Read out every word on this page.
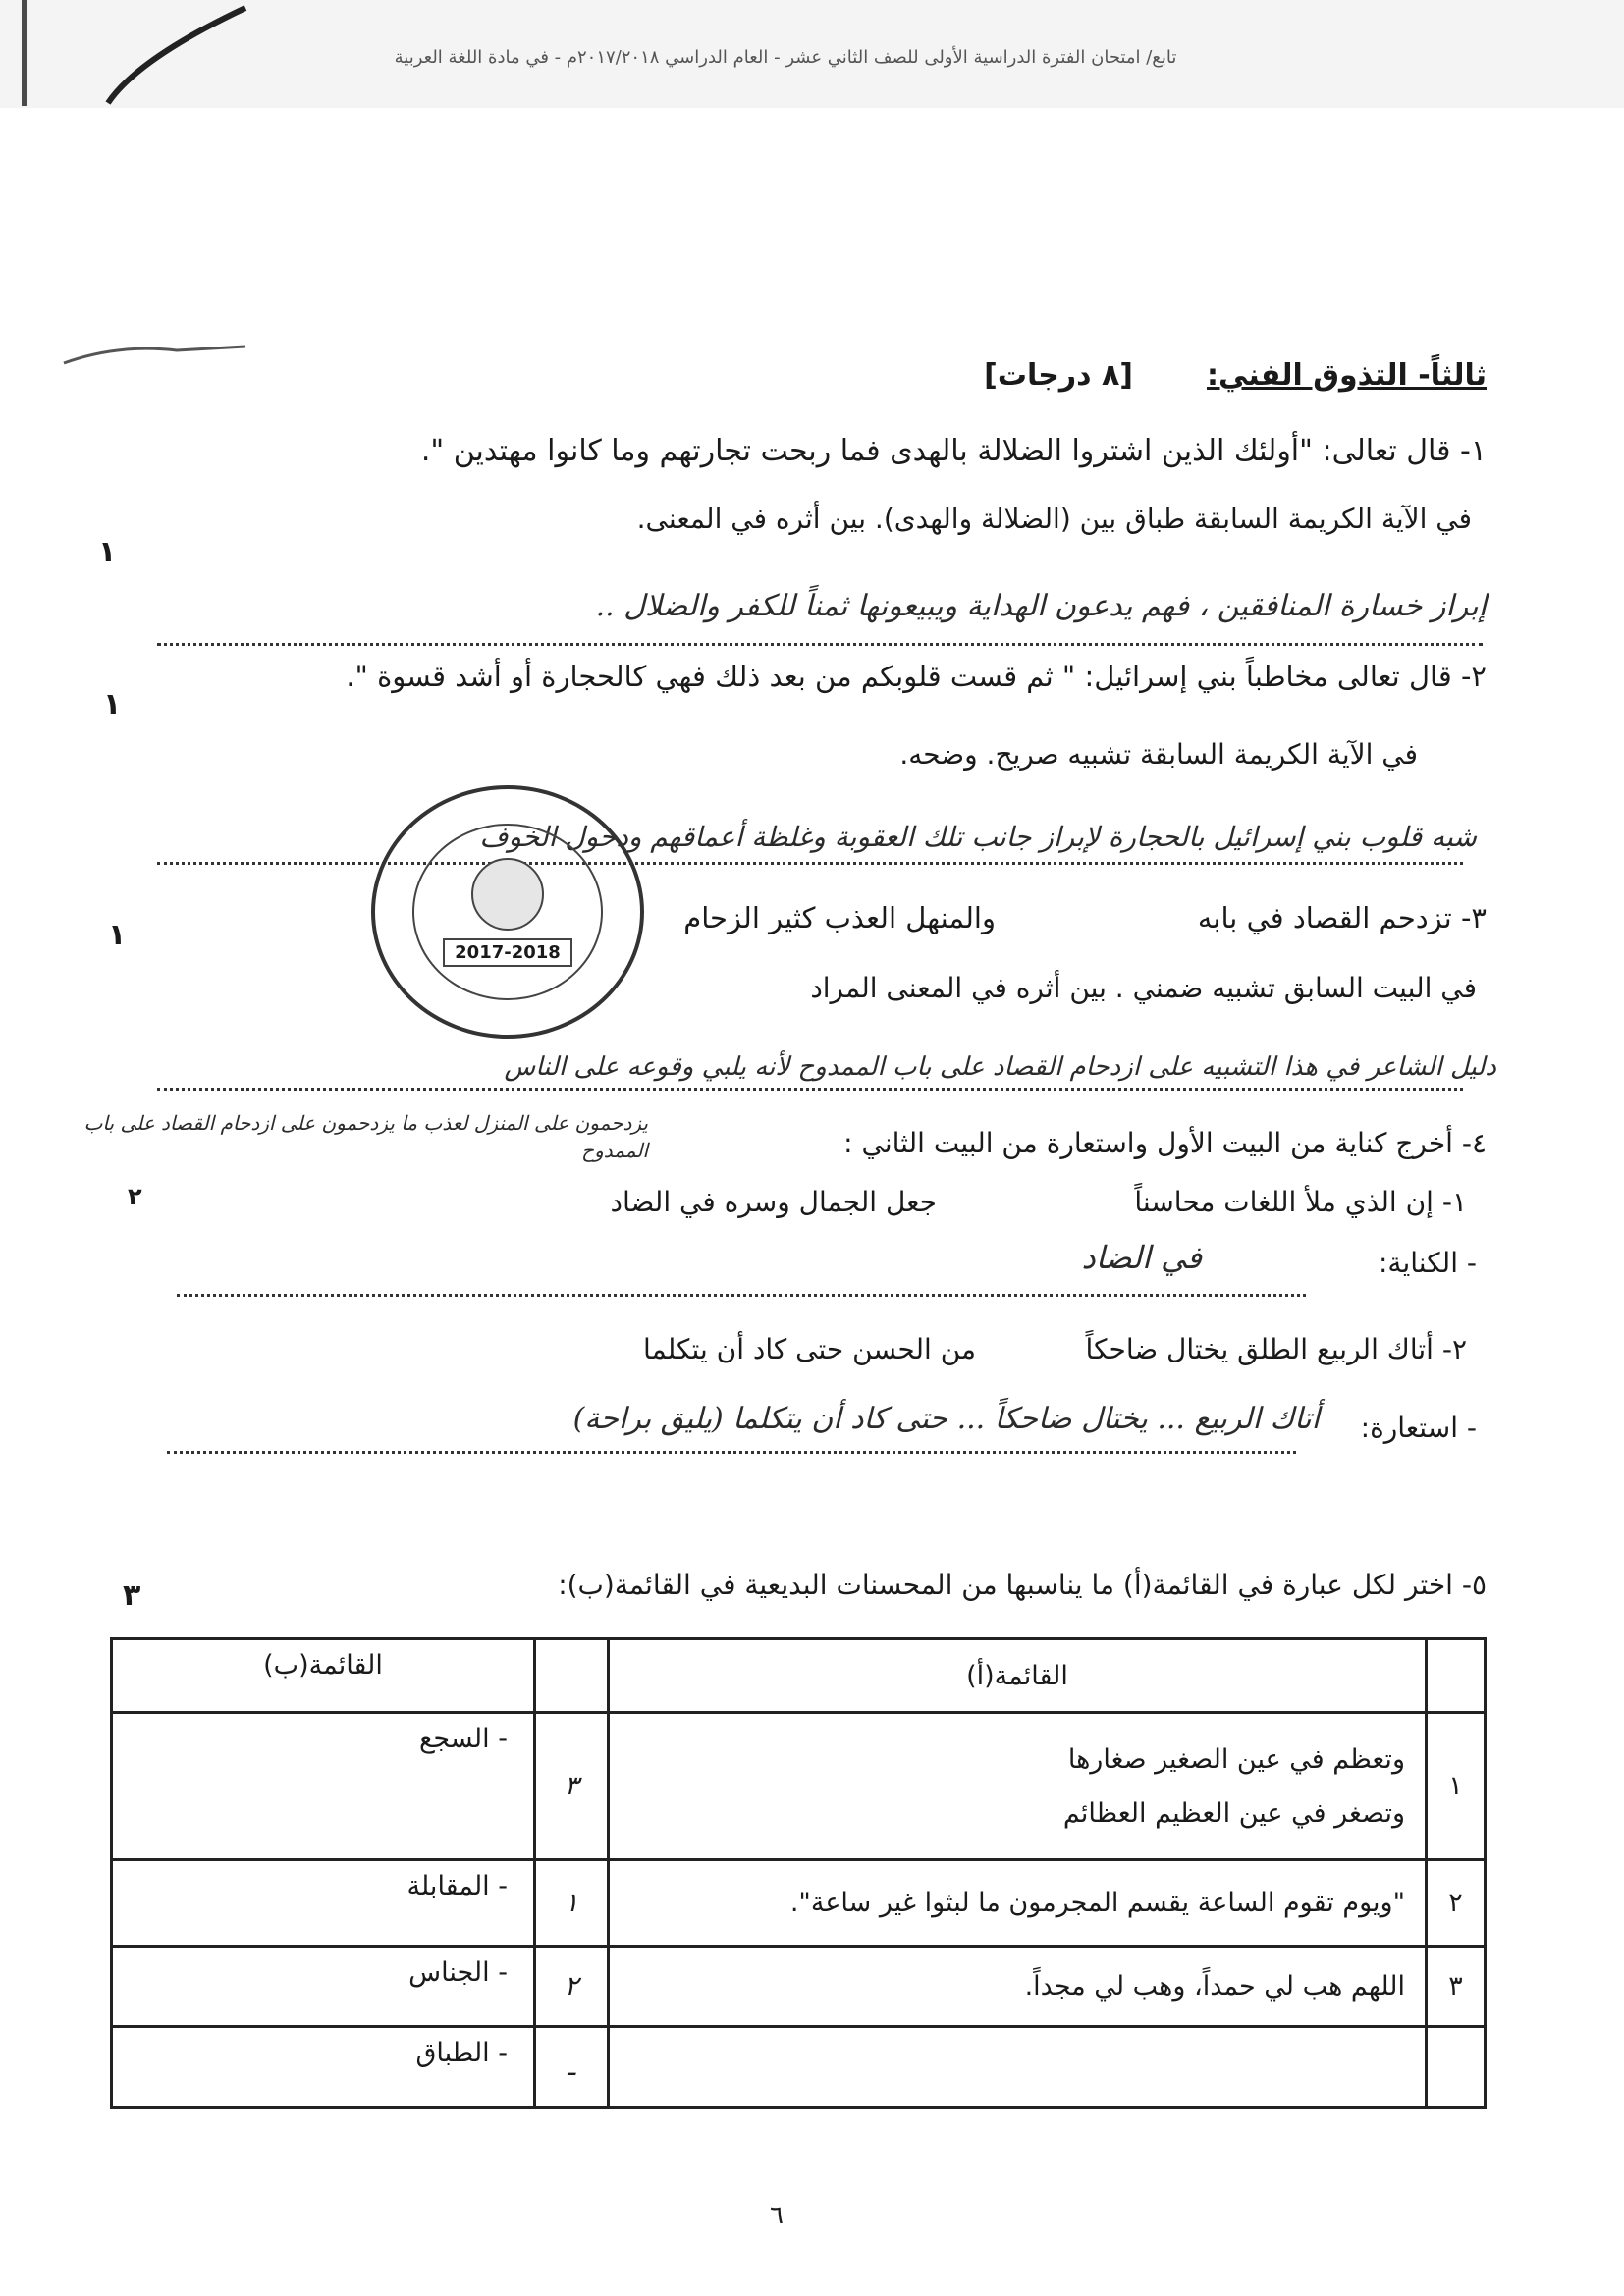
تابع/ امتحان الفترة الدراسية الأولى للصف الثاني عشر - العام الدراسي ٢٠١٧/٢٠١٨م - في مادة اللغة العربية
ثالثاً- التذوق الفني:
[٨ درجات]
١- قال تعالى: "أولئك الذين اشتروا الضلالة بالهدى فما ربحت تجارتهم وما كانوا مهتدين ".
في الآية الكريمة السابقة طباق بين (الضلالة والهدى). بين أثره في المعنى.
١
إبراز خسارة المنافقين ، فهم يدعون الهداية ويبيعونها ثمناً للكفر والضلال ..
٢- قال تعالى مخاطباً بني إسرائيل: " ثم قست قلوبكم من بعد ذلك فهي كالحجارة أو أشد قسوة ".
١
في الآية الكريمة السابقة تشبيه صريح. وضحه.
شبه قلوب بني إسرائيل بالحجارة لإبراز جانب تلك العقوبة وغلظة أعماقهم ودخول الخوف
٣- تزدحم القصاد في بابه
والمنهل العذب كثير الزحام
١
في البيت السابق تشبيه ضمني . بين أثره في المعنى المراد
دليل الشاعر في هذا التشبيه على ازدحام القصاد على باب الممدوح لأنه يلبي وقوعه على الناس
يزدحمون على المنزل لعذب ما يزدحمون على ازدحام القصاد على باب الممدوح
٢
2017-2018
٤- أخرج كناية من البيت الأول واستعارة من البيت الثاني :
١- إن الذي ملأ اللغات محاسناً
جعل الجمال وسره في الضاد
- الكناية:
في الضاد
٢- أتاك الربيع الطلق يختال ضاحكاً
من الحسن حتى كاد أن يتكلما
- استعارة:
أتاك الربيع ... يختال ضاحكاً ... حتى كاد أن يتكلما (يليق براحة)
٥- اختر لكل عبارة في القائمة(أ) ما يناسبها من المحسنات البديعية في القائمة(ب):
٣
	القائمة(أ)		القائمة(ب)
١	وتعظم في عين الصغير صغارها
وتصغر في عين العظيم العظائم	٣	- السجع
٢	"ويوم تقوم الساعة يقسم المجرمون ما لبثوا غير ساعة".	١	- المقابلة
٣	اللهم هب لي حمداً، وهب لي مجداً.	٢	- الجناس
		ـ	- الطباق
٦
